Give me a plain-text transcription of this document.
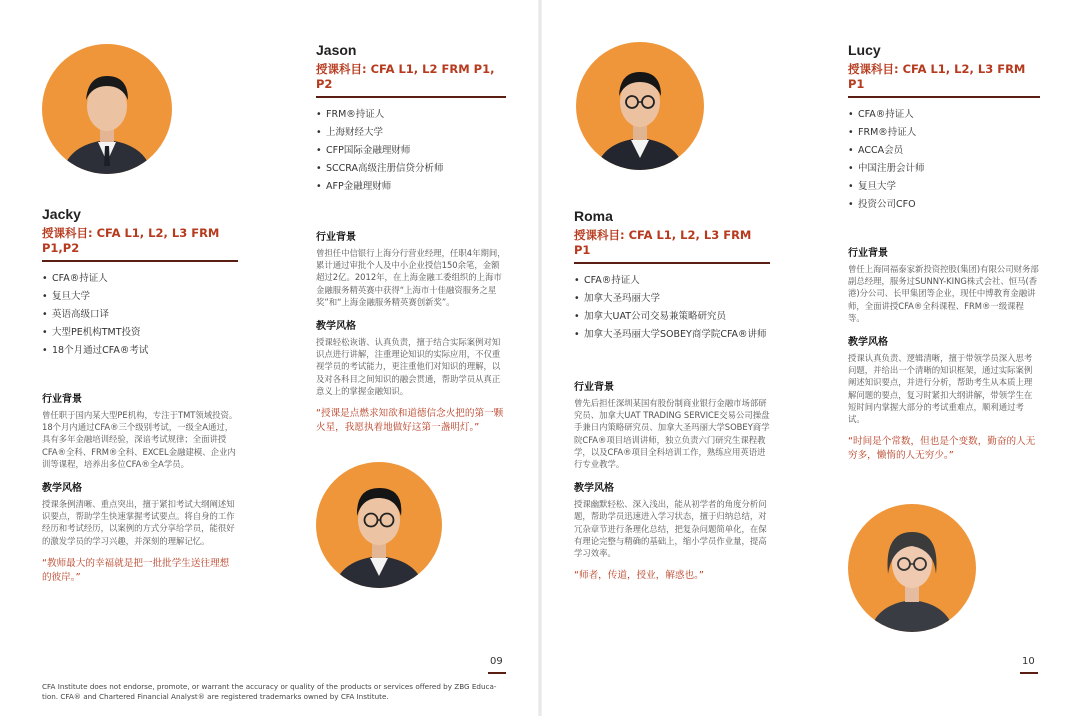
Jacky

授课科目: CFA L1, L2, L3 FRM P1,P2

• CFA®持证人
• 复旦大学
• 英语高级口译
• 大型PE机构TMT投资
• 18个月通过CFA®考试

行业背景

曾任职于国内某大型PE机构，专注于TMT领域投资。18个月内通过CFA®三个级别考试，一级全A通过，具有多年金融培训经验，深谙考试规律；全面讲授CFA®全科、FRM®全科、EXCEL金融建模、企业内训等课程，培养出多位CFA®全A学员。

教学风格

授课条例清晰、重点突出，擅于紧扣考试大纲阐述知识要点，帮助学生快速掌握考试要点。将自身的工作经历和考试经历，以案例的方式分享给学员，能很好的激发学员的学习兴趣，并深刻的理解记忆。

“教师最大的幸福就是把一批批学生送往理想的彼岸。”

Jason

授课科目: CFA L1, L2 FRM P1, P2

• FRM®持证人
• 上海财经大学
• CFP国际金融理财师
• SCCRA高级注册信贷分析师
• AFP金融理财师

行业背景

曾担任中信银行上海分行营业经理，任职4年期间，累计通过审批个人及中小企业授信150余笔，金额超过2亿。2012年，在上海金融工委组织的上海市金融服务精英赛中获得“上海市十佳融资服务之星奖”和“上海金融服务精英赛创新奖”。

教学风格

授课轻松诙谐、认真负责，擅于结合实际案例对知识点进行讲解，注重理论知识的实际应用，不仅重视学员的考试能力，更注重他们对知识的理解，以及对各科目之间知识的融会贯通，帮助学员从真正意义上的掌握金融知识。

“授课是点燃求知欲和道德信念火把的第一颗火星，我愿执着地做好这第一盏明灯。”

Roma

授课科目: CFA L1, L2, L3 FRM P1

• CFA®持证人
• 加拿大圣玛丽大学
• 加拿大UAT公司交易兼策略研究员
• 加拿大圣玛丽大学SOBEY商学院CFA®讲师

行业背景

曾先后担任深圳某国有股份制商业银行金融市场部研究员、加拿大UAT TRADING SERVICE交易公司操盘手兼日内策略研究员、加拿大圣玛丽大学SOBEY商学院CFA®项目培训讲师，独立负责六门研究生课程教学，以及CFA®项目全科培训工作，熟练应用英语进行专业教学。

教学风格

授课幽默轻松、深入浅出，能从初学者的角度分析问题，帮助学员迅速进入学习状态，擅于归纳总结，对冗杂章节进行条理化总结，把复杂问题简单化，在保有理论完整与精确的基础上，缩小学员作业量，提高学习效率。

“师者，传道，授业，解惑也。”

Lucy

授课科目: CFA L1, L2, L3 FRM P1

• CFA®持证人
• FRM®持证人
• ACCA会员
• 中国注册会计师
• 复旦大学
• 投资公司CFO

行业背景

曾任上海同福泰家新投资控股(集团)有限公司财务部副总经理，服务过SUNNY-KING株式会社、恒马(香港)分公司、长甲集团等企业，现任中博教育金融讲师，全面讲授CFA®全科课程、FRM®一级课程等。

教学风格

授课认真负责、逻辑清晰，擅于带领学员深入思考问题，并给出一个清晰的知识框架，通过实际案例阐述知识要点，并进行分析，帮助考生从本质上理解问题的要点，复习时紧扣大纲讲解，带领学生在短时间内掌握大部分的考试重难点，顺利通过考试。

“时间是个常数，但也是个变数，勤奋的人无穷多，懒惰的人无穷少。”

09	10
CFA Institute does not endorse, promote, or warrant the accuracy or quality of the products or services offered by ZBG Educa-
tion. CFA® and Chartered Financial Analyst® are registered trademarks owned by CFA Institute.
